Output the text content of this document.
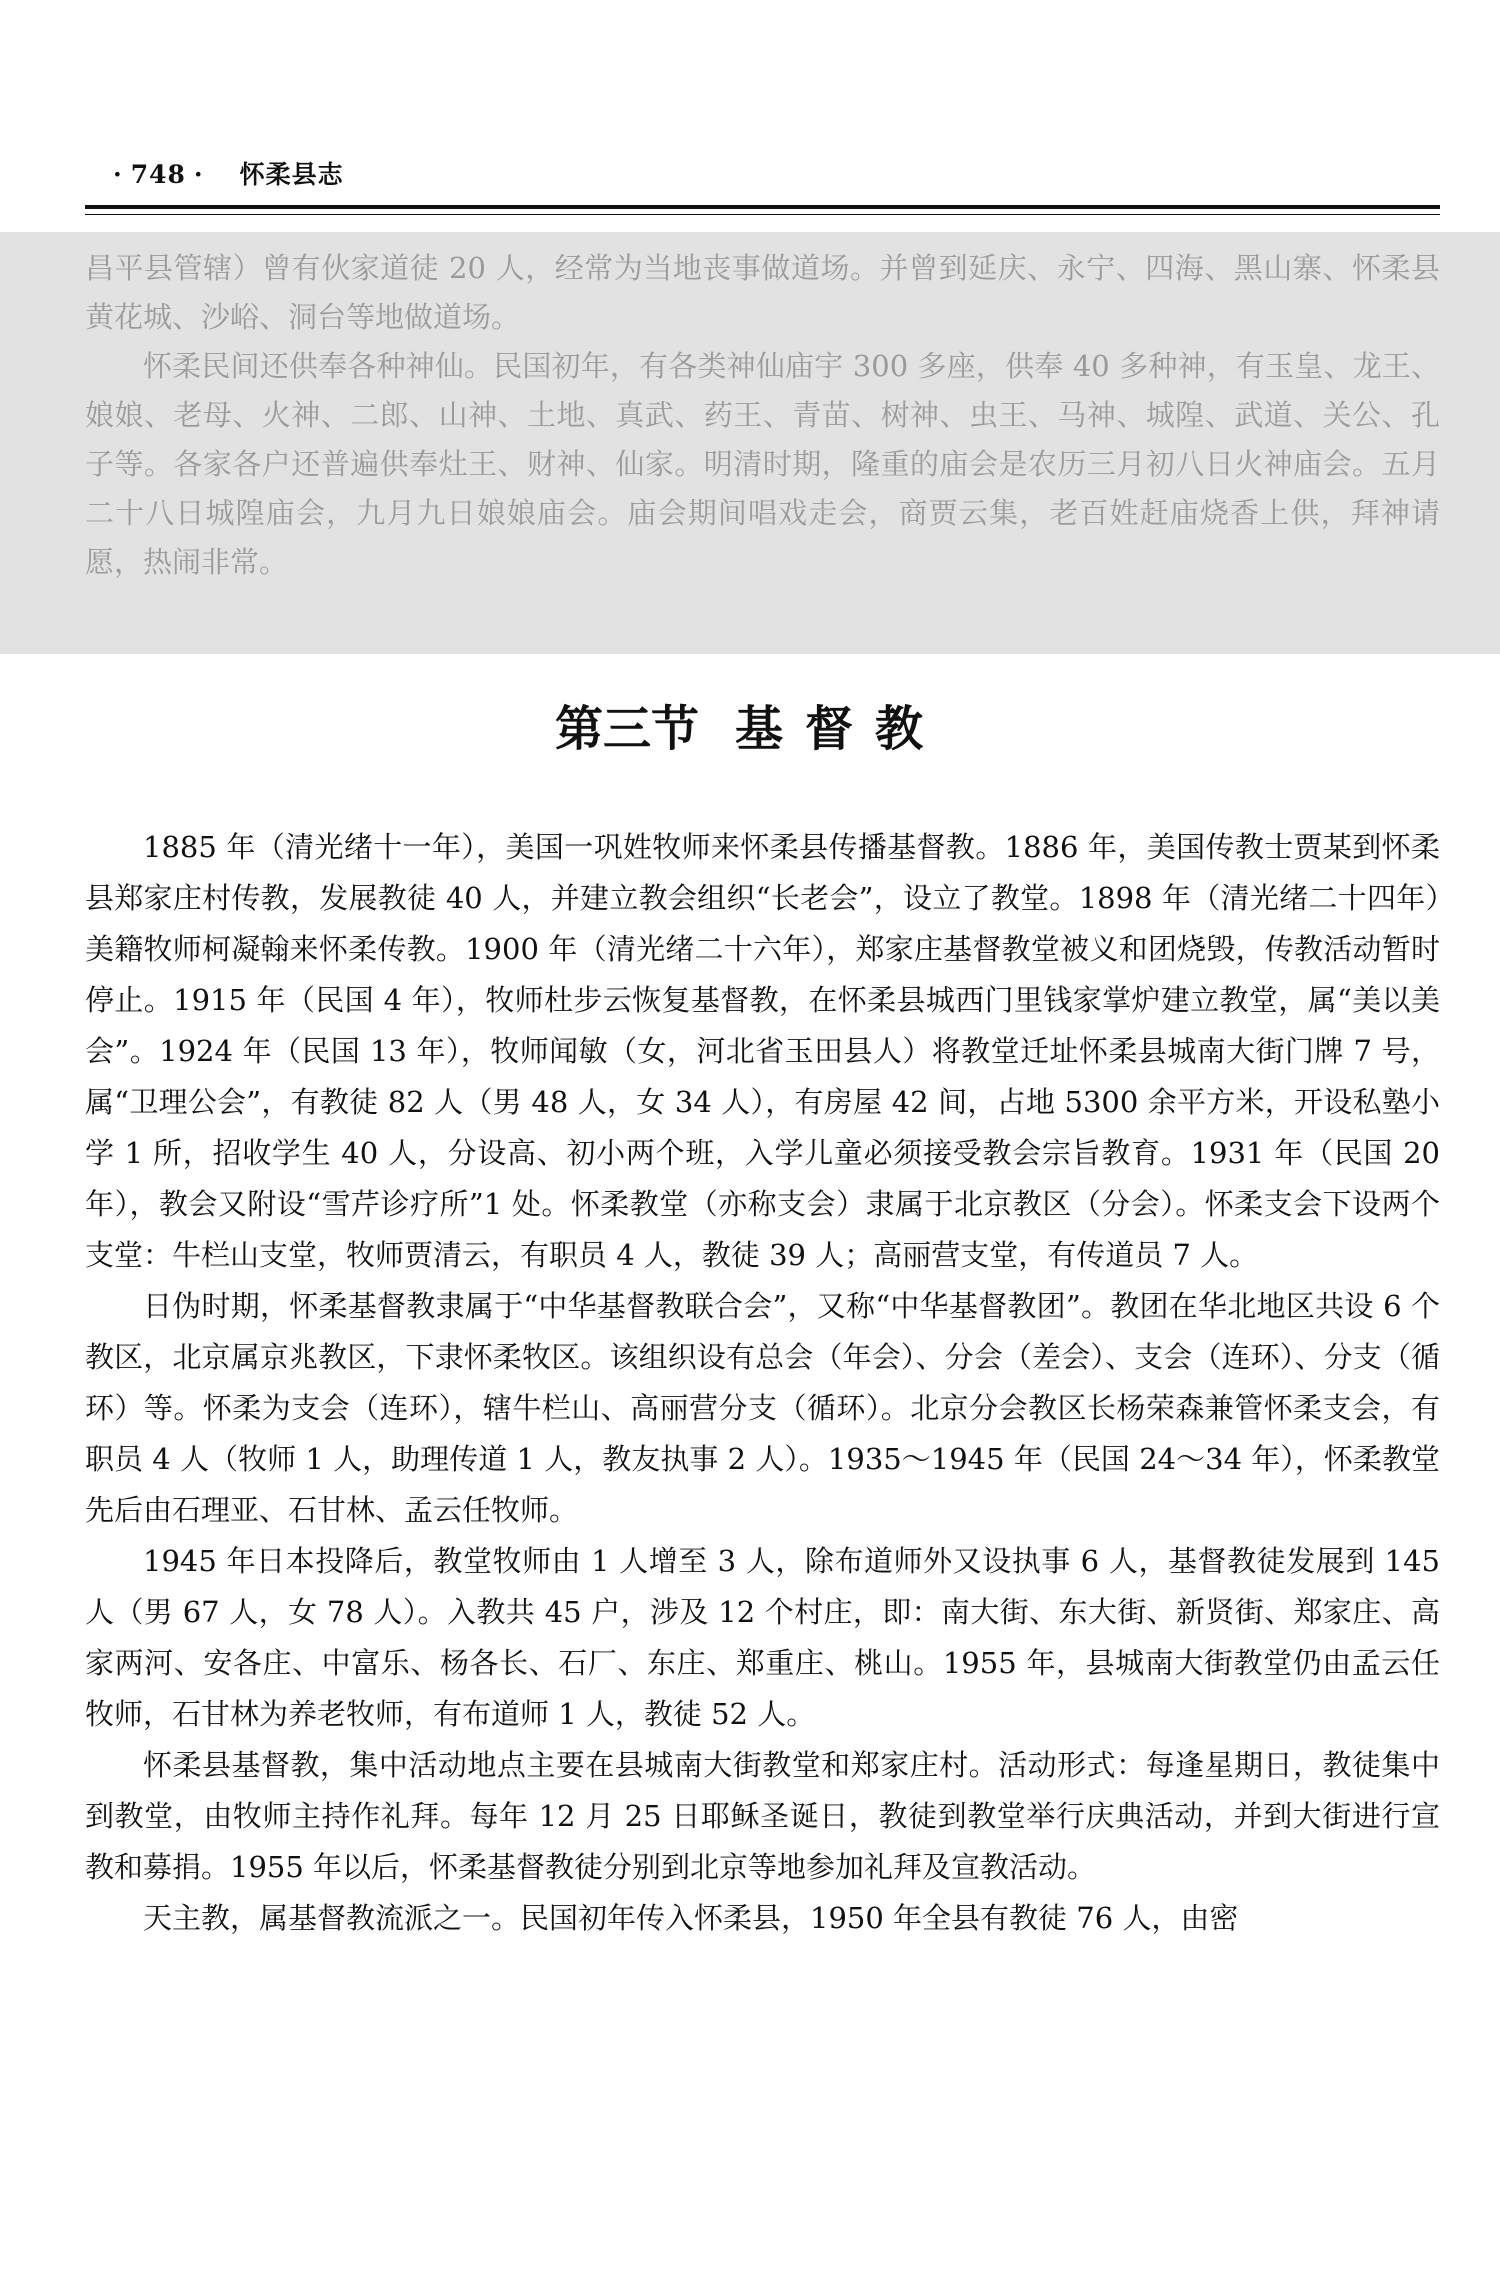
· 748 · 怀柔县志

昌平县管辖）曾有伙家道徒 20 人，经常为当地丧事做道场。并曾到延庆、永宁、四海、黑山寨、怀柔县黄花城、沙峪、洞台等地做道场。

怀柔民间还供奉各种神仙。民国初年，有各类神仙庙宇 300 多座，供奉 40 多种神，有玉皇、龙王、娘娘、老母、火神、二郎、山神、土地、真武、药王、青苗、树神、虫王、马神、城隍、武道、关公、孔子等。各家各户还普遍供奉灶王、财神、仙家。明清时期，隆重的庙会是农历三月初八日火神庙会。五月二十八日城隍庙会，九月九日娘娘庙会。庙会期间唱戏走会，商贾云集，老百姓赶庙烧香上供，拜神请愿，热闹非常。

第三节 基督教

1885 年（清光绪十一年），美国一巩姓牧师来怀柔县传播基督教。1886 年，美国传教士贾某到怀柔县郑家庄村传教，发展教徒 40 人，并建立教会组织“长老会”，设立了教堂。1898 年（清光绪二十四年）美籍牧师柯凝翰来怀柔传教。1900 年（清光绪二十六年），郑家庄基督教堂被义和团烧毁，传教活动暂时停止。1915 年（民国 4 年），牧师杜步云恢复基督教，在怀柔县城西门里钱家掌炉建立教堂，属“美以美会”。1924 年（民国 13 年），牧师闻敏（女，河北省玉田县人）将教堂迁址怀柔县城南大街门牌 7 号，属“卫理公会”，有教徒 82 人（男 48 人，女 34 人），有房屋 42 间，占地 5300 余平方米，开设私塾小学 1 所，招收学生 40 人，分设高、初小两个班，入学儿童必须接受教会宗旨教育。1931 年（民国 20 年），教会又附设“雪芹诊疗所”1 处。怀柔教堂（亦称支会）隶属于北京教区（分会）。怀柔支会下设两个支堂：牛栏山支堂，牧师贾清云，有职员 4 人，教徒 39 人；高丽营支堂，有传道员 7 人。

日伪时期，怀柔基督教隶属于“中华基督教联合会”，又称“中华基督教团”。教团在华北地区共设 6 个教区，北京属京兆教区，下隶怀柔牧区。该组织设有总会（年会）、分会（差会）、支会（连环）、分支（循环）等。怀柔为支会（连环），辖牛栏山、高丽营分支（循环）。北京分会教区长杨荣森兼管怀柔支会，有职员 4 人（牧师 1 人，助理传道 1 人，教友执事 2 人）。1935～1945 年（民国 24～34 年），怀柔教堂先后由石理亚、石甘林、孟云任牧师。

1945 年日本投降后，教堂牧师由 1 人增至 3 人，除布道师外又设执事 6 人，基督教徒发展到 145 人（男 67 人，女 78 人）。入教共 45 户，涉及 12 个村庄，即：南大街、东大街、新贤街、郑家庄、高家两河、安各庄、中富乐、杨各长、石厂、东庄、郑重庄、桃山。1955 年，县城南大街教堂仍由孟云任牧师，石甘林为养老牧师，有布道师 1 人，教徒 52 人。

怀柔县基督教，集中活动地点主要在县城南大街教堂和郑家庄村。活动形式：每逢星期日，教徒集中到教堂，由牧师主持作礼拜。每年 12 月 25 日耶稣圣诞日，教徒到教堂举行庆典活动，并到大街进行宣教和募捐。1955 年以后，怀柔基督教徒分别到北京等地参加礼拜及宣教活动。

天主教，属基督教流派之一。民国初年传入怀柔县，1950 年全县有教徒 76 人，由密
